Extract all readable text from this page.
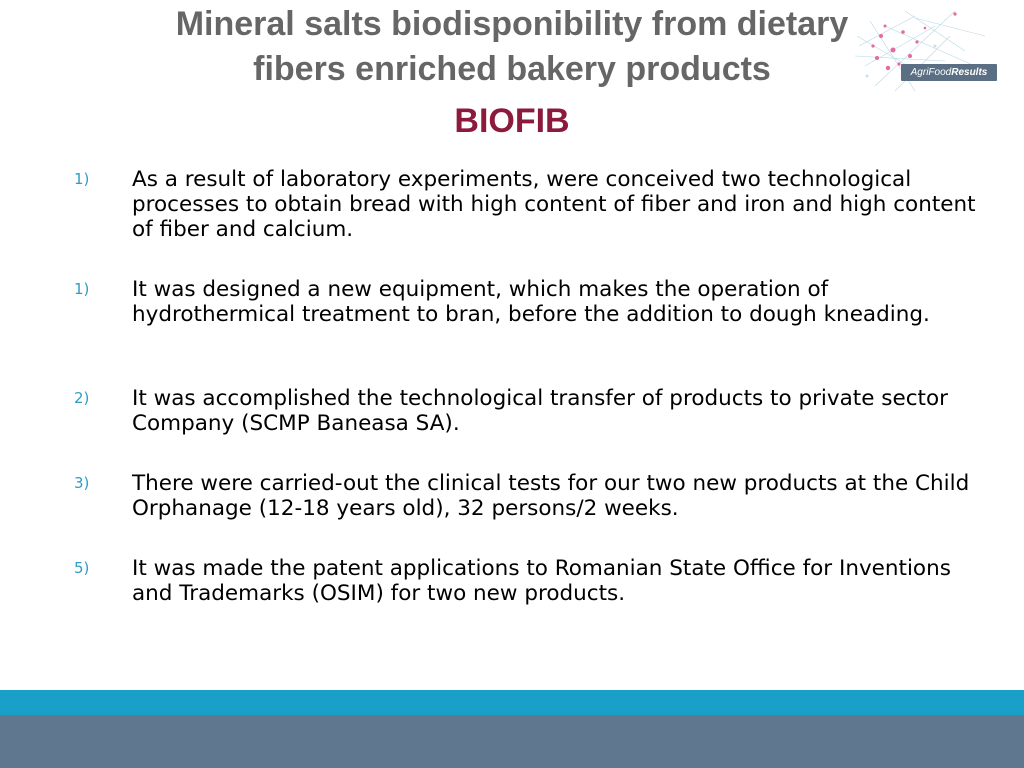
Mineral salts biodisponibility from dietary
fibers enriched bakery products
BIOFIB
AgriFoodResults
1) As a result of laboratory experiments, were conceived two technological processes to obtain bread with high content of fiber and iron and high content of fiber and calcium.
1) It was designed a new equipment, which makes the operation of hydrothermical treatment to bran, before the addition to dough kneading.
2) It was accomplished the technological transfer of products to private sector Company (SCMP Baneasa SA).
3) There were carried-out the clinical tests for our two new products at the Child Orphanage (12-18 years old), 32 persons/2 weeks.
5) It was made the patent applications to Romanian State Office for Inventions and Trademarks (OSIM) for two new products.
